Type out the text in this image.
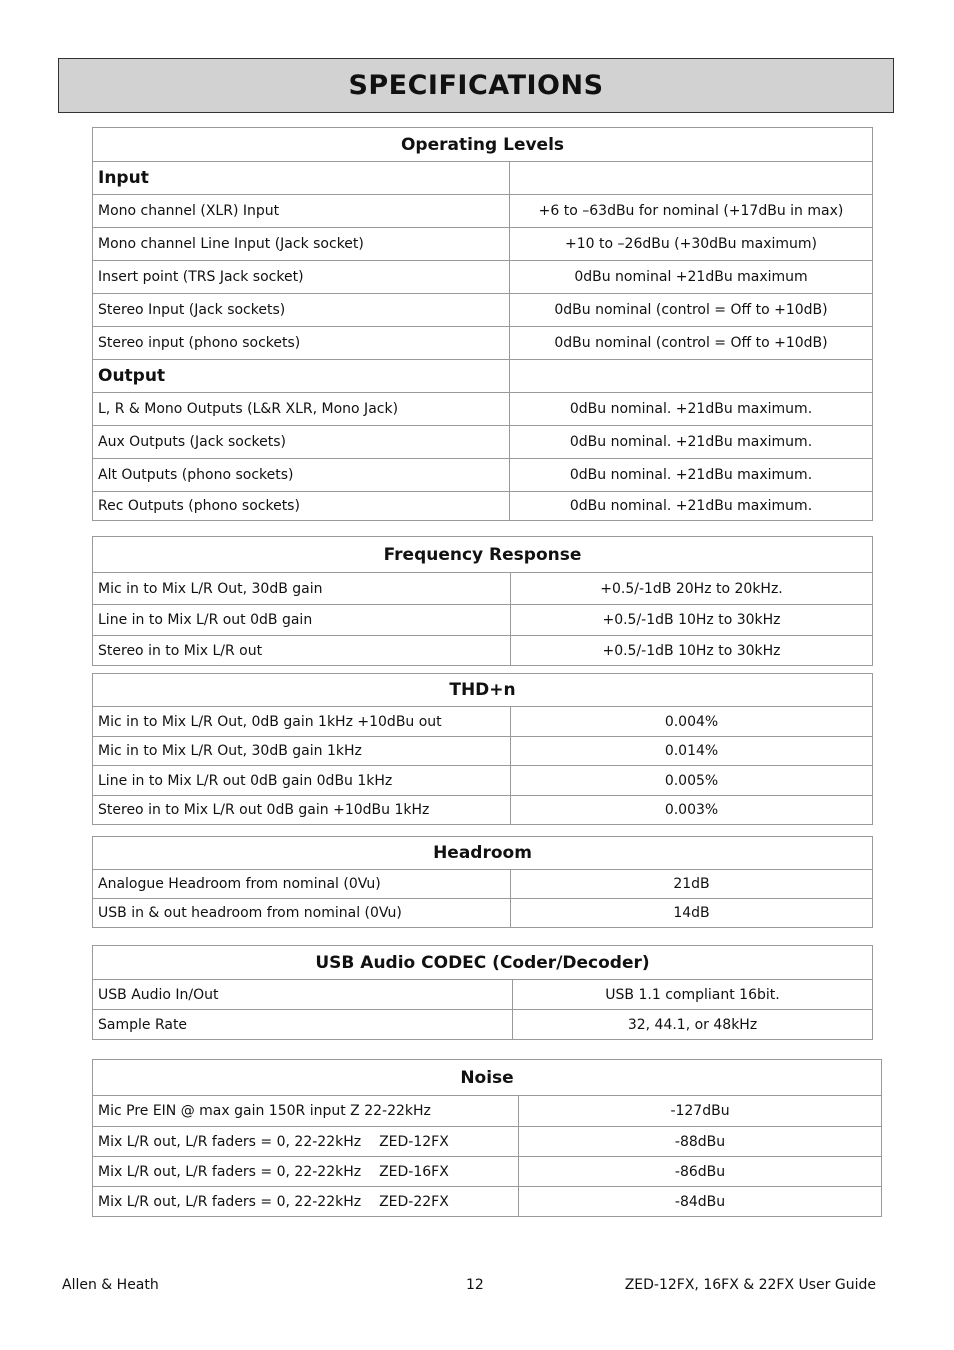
SPECIFICATIONS
Operating Levels	
Input	
Mono channel (XLR) Input	+6 to –63dBu for nominal (+17dBu in max)
Mono channel Line Input (Jack socket)	+10 to –26dBu (+30dBu maximum)
Insert point (TRS Jack socket)	0dBu nominal +21dBu maximum
Stereo Input (Jack sockets)	0dBu nominal (control = Off to +10dB)
Stereo input (phono sockets)	0dBu nominal (control = Off to +10dB)
Output	
L, R & Mono Outputs (L&R XLR, Mono Jack)	0dBu nominal. +21dBu maximum.
Aux Outputs (Jack sockets)	0dBu nominal. +21dBu maximum.
Alt Outputs (phono sockets)	0dBu nominal. +21dBu maximum.
Rec Outputs (phono sockets)	0dBu nominal. +21dBu maximum.
Frequency Response	
Mic in to Mix L/R Out, 30dB gain	+0.5/-1dB 20Hz to 20kHz.
Line in to Mix L/R out 0dB gain	+0.5/-1dB 10Hz to 30kHz
Stereo in to Mix L/R out	+0.5/-1dB 10Hz to 30kHz
THD+n	
Mic in to Mix L/R Out, 0dB gain 1kHz +10dBu out	0.004%
Mic in to Mix L/R Out, 30dB gain 1kHz	0.014%
Line in to Mix L/R out 0dB gain 0dBu 1kHz	0.005%
Stereo in to Mix L/R out 0dB gain +10dBu 1kHz	0.003%
Headroom	
Analogue Headroom from nominal (0Vu)	21dB
USB in & out headroom from nominal (0Vu)	14dB
USB Audio CODEC (Coder/Decoder)	
USB Audio In/Out	USB 1.1 compliant 16bit.
Sample Rate	32, 44.1, or 48kHz
Noise	
Mic Pre EIN @ max gain 150R input Z 22-22kHz	-127dBu
Mix L/R out, L/R faders = 0, 22-22kHz ZED-12FX	-88dBu
Mix L/R out, L/R faders = 0, 22-22kHz ZED-16FX	-86dBu
Mix L/R out, L/R faders = 0, 22-22kHz ZED-22FX	-84dBu
Allen & Heath	12	ZED-12FX, 16FX & 22FX User Guide
